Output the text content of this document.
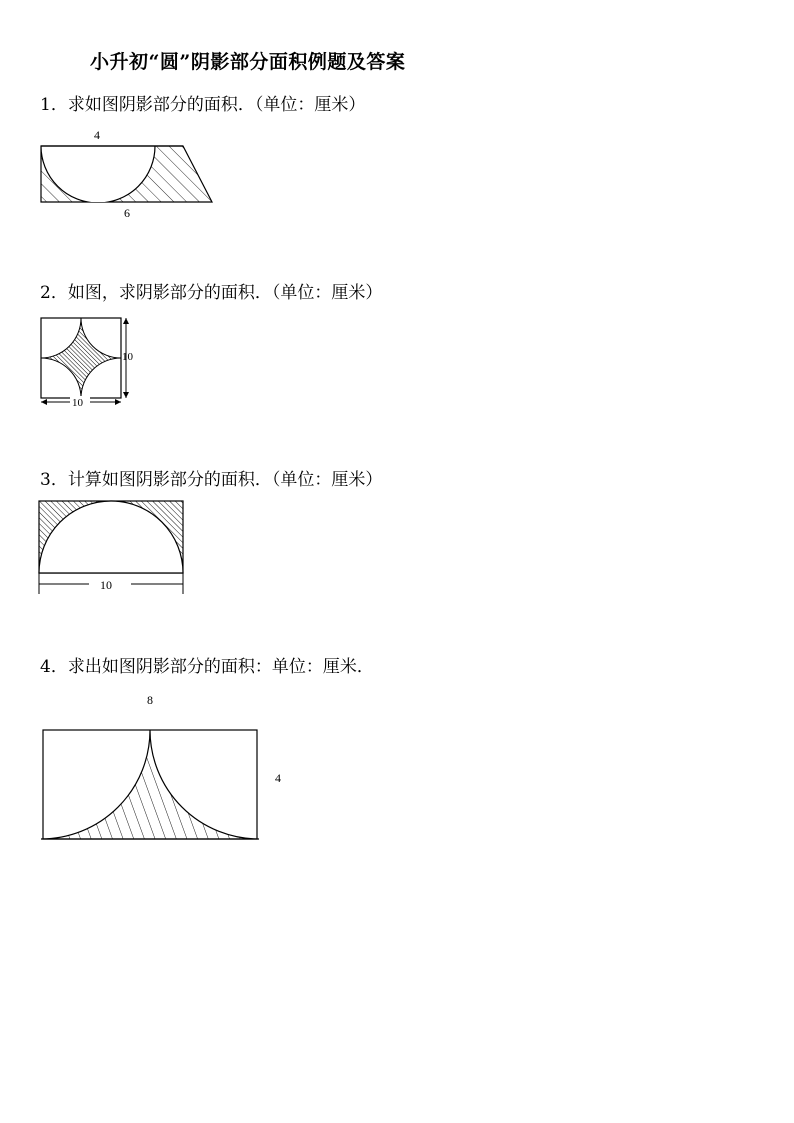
小升初“圆”阴影部分面积例题及答案
1．求如图阴影部分的面积．（单位：厘米）
4
6
2．如图，求阴影部分的面积．（单位：厘米）
10
10
3．计算如图阴影部分的面积．（单位：厘米）
10
4．求出如图阴影部分的面积：单位：厘米．
8
4
